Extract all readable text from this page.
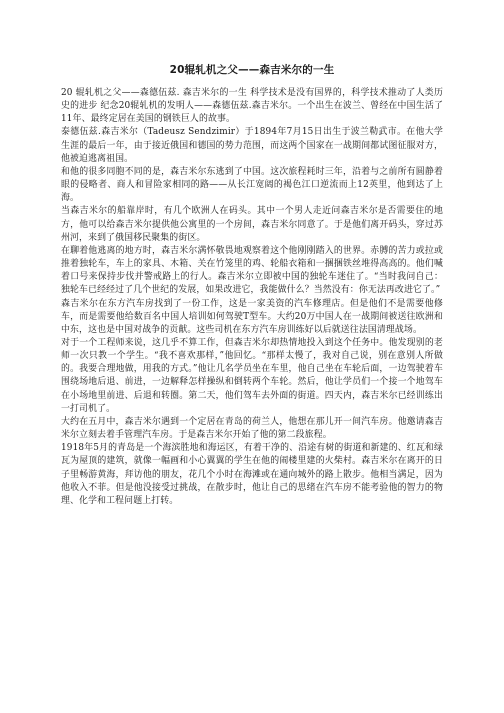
20辊轧机之父——森吉米尔的一生

20 辊轧机之父——森德伍兹. 森吉米尔的一生 科学技术是没有国界的，科学技术推动了人类历史的进步 纪念20辊轧机的发明人——森德伍兹.森吉米尔。一个出生在波兰、曾经在中国生活了11年、最终定居在美国的钢铁巨人的故事。

泰德伍兹.森吉米尔（Tadeusz Sendzimir）于1894年7月15日出生于波兰勒武市。在他大学生涯的最后一年，由于接近俄国和德国的势力范围，而这两个国家在一战期间都试图征服对方，他被迫逃离祖国。

和他的很多同胞不同的是，森吉米尔东逃到了中国。这次旅程耗时三年，沿着与之前所有圆静着眼的侵略者、商人和冒险家相同的路——从长江宽阔的褐色江口逆流而上12英里，他到达了上海。

当森吉米尔的船靠岸时，有几个欧洲人在码头。其中一个男人走近问森吉米尔是否需要住的地方，他可以给森吉米尔提供他公寓里的一个房间，森吉米尔同意了。于是他们离开码头，穿过苏州河，来到了俄国移民聚集的街区。

在聊着他逃离的地方时，森吉米尔满怀敬畏地观察着这个他刚刚踏入的世界。赤膊的苦力或拉或推着独轮车，车上的家具、木箱、关在竹笼里的鸡、轮船衣箱和一捆捆铁丝堆得高高的。他们喊着口号来保持步伐并警戒路上的行人。森吉米尔立即被中国的独轮车迷住了。“当时我问自己：独轮车已经经过了几个世纪的发展，如果改进它，我能做什么？当然没有：你无法再改进它了。”

森吉米尔在东方汽车房找到了一份工作，这是一家美资的汽车修理店。但是他们不是需要他修车，而是需要他给数百名中国人培训如何驾驶T型车。大约20万中国人在一战期间被送往欧洲和中东，这也是中国对战争的贡献。这些司机在东方汽车房训练好以后就送往法国清理战场。

对于一个工程师来说，这几乎不算工作，但森吉米尔却热情地投入到这个任务中。他发现别的老师一次只教一个学生。“我不喜欢那样，”他回忆。“那样太慢了，我对自己说，别在意别人所做的。我要合理地做，用我的方式。”他让几名学员坐在车里，他自己坐在车轮后面，一边驾驶着车围绕场地后退、前进，一边解释怎样操纵和倒转两个车轮。然后，他让学员们一个接一个地驾车在小场地里前进、后退和转圈。第二天，他们驾车去外面的街道。四天内，森吉米尔已经训练出一打司机了。

大约在五月中，森吉米尔遇到一个定居在青岛的荷兰人，他想在那儿开一间汽车房。他邀请森吉米尔立刻去着手管理汽车房。于是森吉米尔开始了他的第二段旅程。

1918年5月的青岛是一个海滨胜地和海运区，有着干净的、沿途有树的街道和新建的、红瓦和绿瓦为屋顶的建筑，就像一幅画和小心翼翼的学生在他的闹楼里建的火柴村。森吉米尔在离开的日子里畅游黄海，拜访他的朋友，花几个小时在海滩或在通向城外的路上散步。他相当满足，因为他收入不菲。但是他没接受过挑战，在散步时，他让自己的思绪在汽车房不能考验他的智力的物理、化学和工程问题上打转。
